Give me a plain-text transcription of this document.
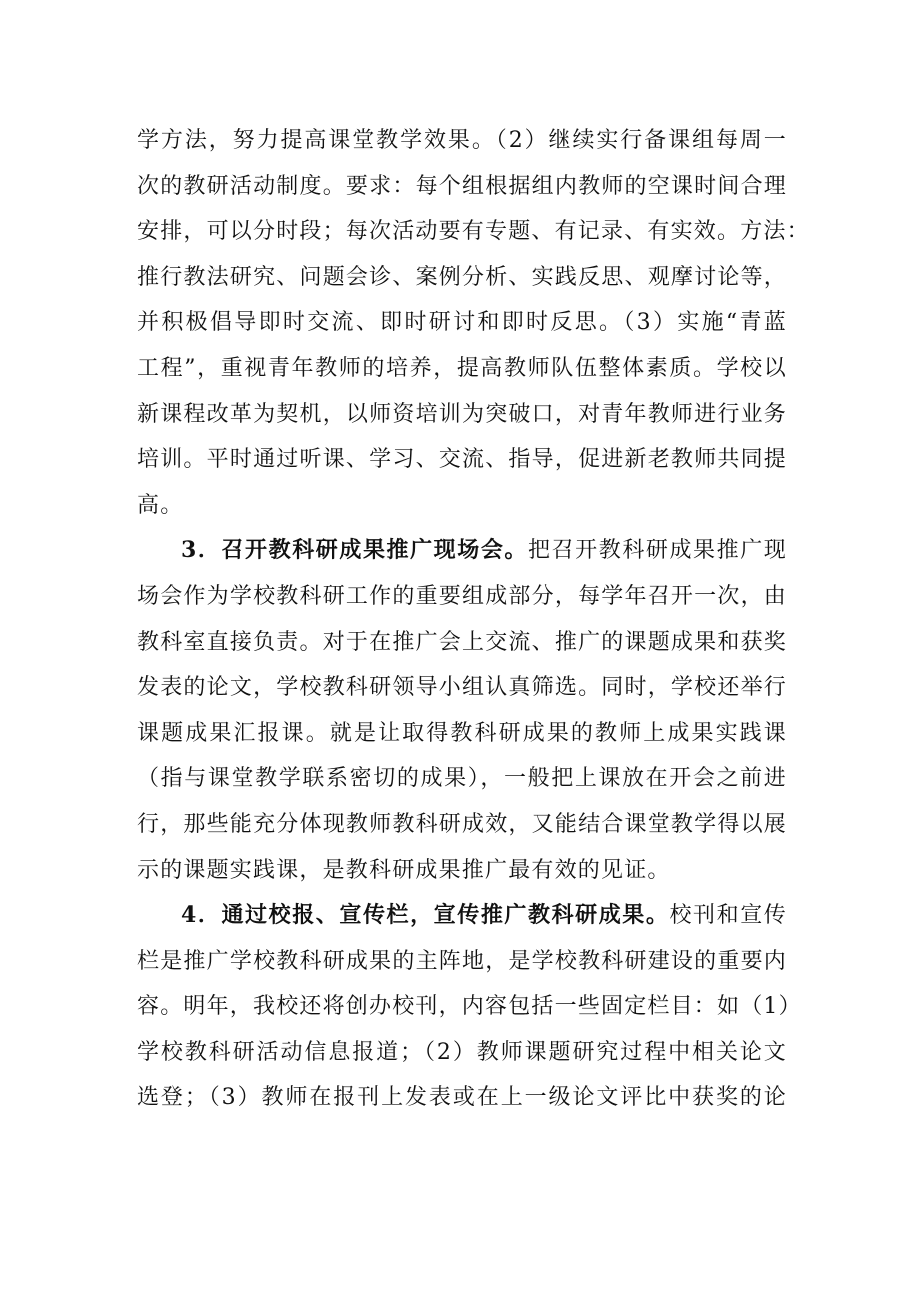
学方法，努力提高课堂教学效果。（2）继续实行备课组每周一
次的教研活动制度。要求：每个组根据组内教师的空课时间合理
安排，可以分时段；每次活动要有专题、有记录、有实效。方法：
推行教法研究、问题会诊、案例分析、实践反思、观摩讨论等，
并积极倡导即时交流、即时研讨和即时反思。（3）实施“青蓝
工程”，重视青年教师的培养，提高教师队伍整体素质。学校以
新课程改革为契机，以师资培训为突破口，对青年教师进行业务
培训。平时通过听课、学习、交流、指导，促进新老教师共同提
高。
3．召开教科研成果推广现场会。把召开教科研成果推广现
场会作为学校教科研工作的重要组成部分，每学年召开一次，由
教科室直接负责。对于在推广会上交流、推广的课题成果和获奖
发表的论文，学校教科研领导小组认真筛选。同时，学校还举行
课题成果汇报课。就是让取得教科研成果的教师上成果实践课
（指与课堂教学联系密切的成果），一般把上课放在开会之前进
行，那些能充分体现教师教科研成效，又能结合课堂教学得以展
示的课题实践课，是教科研成果推广最有效的见证。
4．通过校报、宣传栏，宣传推广教科研成果。校刊和宣传
栏是推广学校教科研成果的主阵地，是学校教科研建设的重要内
容。明年，我校还将创办校刊，内容包括一些固定栏目：如（1）
学校教科研活动信息报道；（2）教师课题研究过程中相关论文
选登；（3）教师在报刊上发表或在上一级论文评比中获奖的论
